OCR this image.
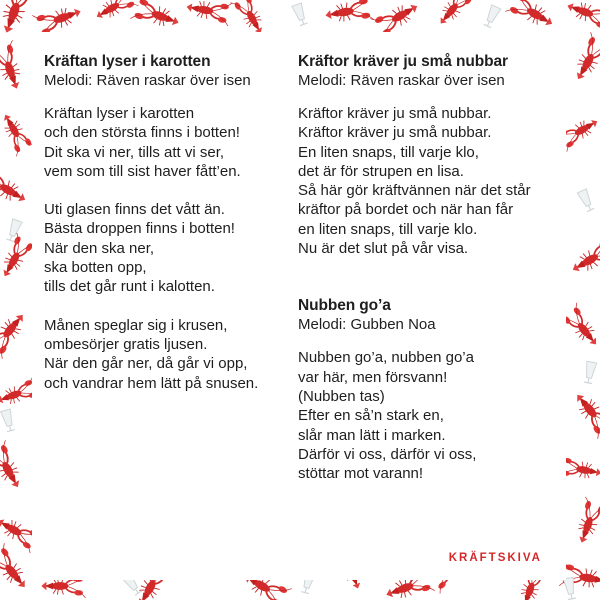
Kräftan lyser i karotten

Melodi: Räven raskar över isen

Kräftan lyser i karotten
och den största finns i botten!
Dit ska vi ner, tills att vi ser,
vem som till sist haver fått’en.
Uti glasen finns det vått än.
Bästa droppen finns i botten!
När den ska ner,
ska botten opp,
tills det går runt i kalotten.
Månen speglar sig i krusen,
ombesörjer gratis ljusen.
När den går ner, då går vi opp,
och vandrar hem lätt på snusen.

Kräftor kräver ju små nubbar

Melodi: Räven raskar över isen

Kräftor kräver ju små nubbar.
Kräftor kräver ju små nubbar.
En liten snaps, till varje klo,
det är för strupen en lisa.
Så här gör kräftvännen när det står
kräftor på bordet och när han får
en liten snaps, till varje klo.
Nu är det slut på vår visa.

Nubben go’a

Melodi: Gubben Noa

Nubben go’a, nubben go’a
var här, men försvann!
(Nubben tas)
Efter en så’n stark en,
slår man lätt i marken.
Därför vi oss, därför vi oss,
stöttar mot varann!
KRÄFTSKIVA
